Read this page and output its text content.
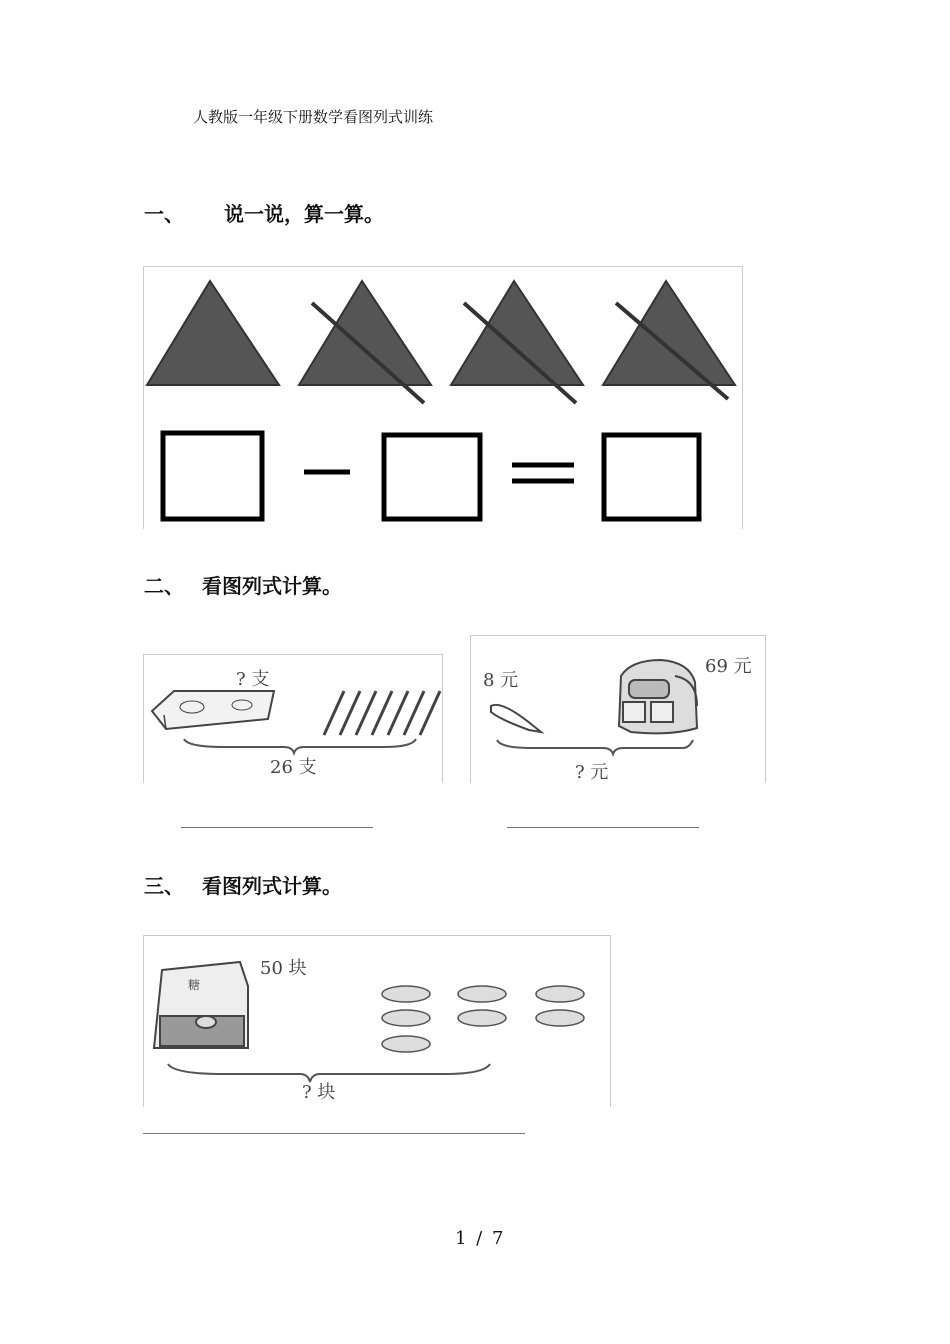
人教版一年级下册数学看图列式训练
一、 说一说，算一算。
二、 看图列式计算。
? 支
26 支
8 元
69 元
? 元
三、 看图列式计算。
50 块
? 块
糖
1 / 7
